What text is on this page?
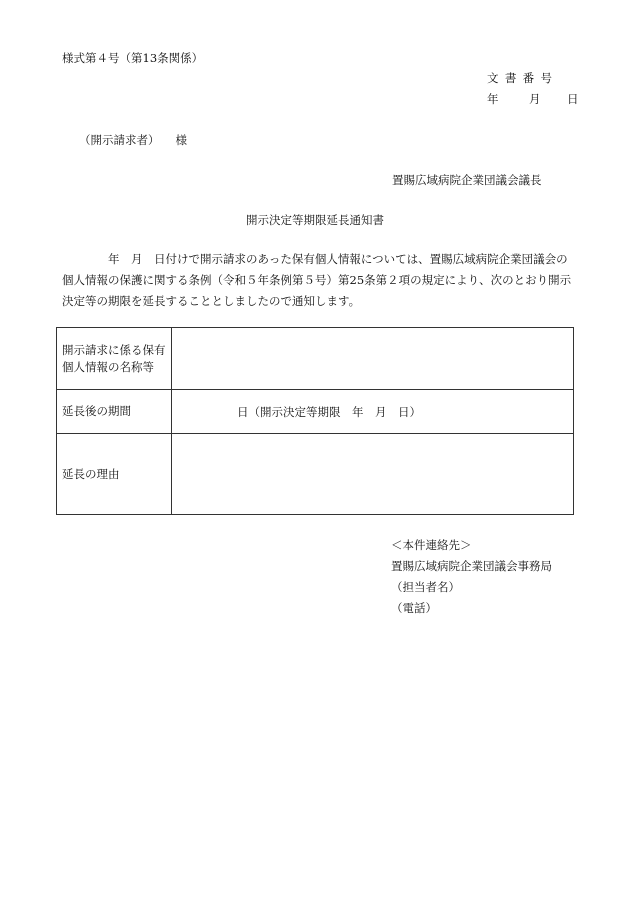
様式第４号（第13条関係）
文書番号
年	月 日
（開示請求者） 様
置賜広域病院企業団議会議長
開示決定等期限延長通知書
年　月　日付けで開示請求のあった保有個人情報については、置賜広域病院企業団議会の個人情報の保護に関する条例（令和５年条例第５号）第25条第２項の規定により、次のとおり開示決定等の期限を延長することとしましたので通知します。
開示請求に係る保有個人情報の名称等	
延長後の期間	日（開示決定等期限　年　月　日）
延長の理由	
＜本件連絡先＞
置賜広域病院企業団議会事務局
（担当者名）
（電話）
